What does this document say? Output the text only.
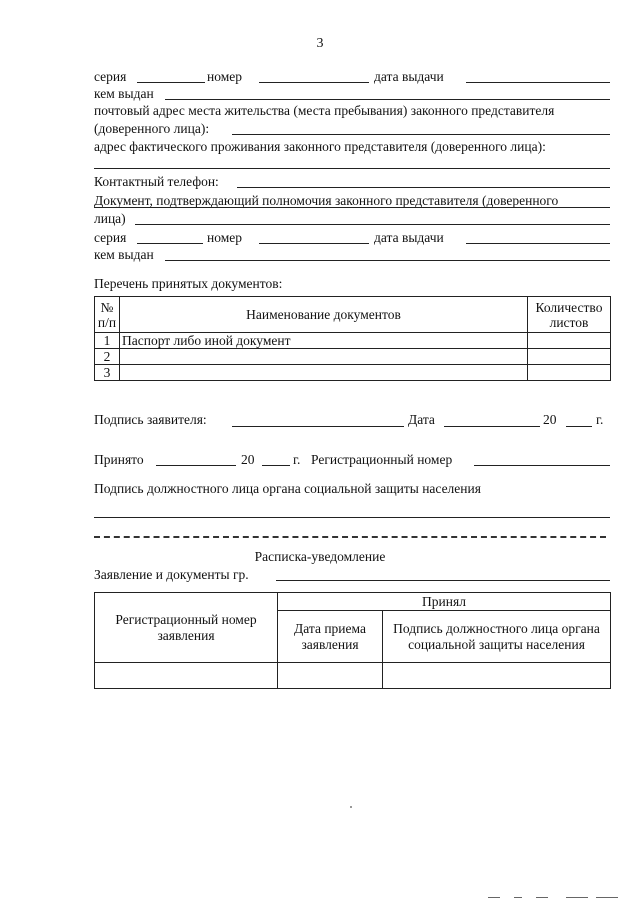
3
серия	номер	дата выдачи
кем выдан
почтовый адрес места жительства (места пребывания) законного представителя
(доверенного лица):
адрес фактического проживания законного представителя (доверенного лица):
Контактный телефон:
Документ, подтверждающий полномочия законного представителя (доверенного
лица)
серия	номер	дата выдачи
кем выдан
Перечень принятых документов:
№ п/п	Наименование документов	Количество листов
1	Паспорт либо иной документ	
2		
3		
Подпись заявителя:	Дата	20	г.
Принято	20	г. Регистрационный номер
Подпись должностного лица органа социальной защиты населения
Расписка-уведомление
Заявление и документы гр.
Регистрационный номер заявления	Принял	
	Дата приема заявления	Подпись должностного лица органа социальной защиты населения
